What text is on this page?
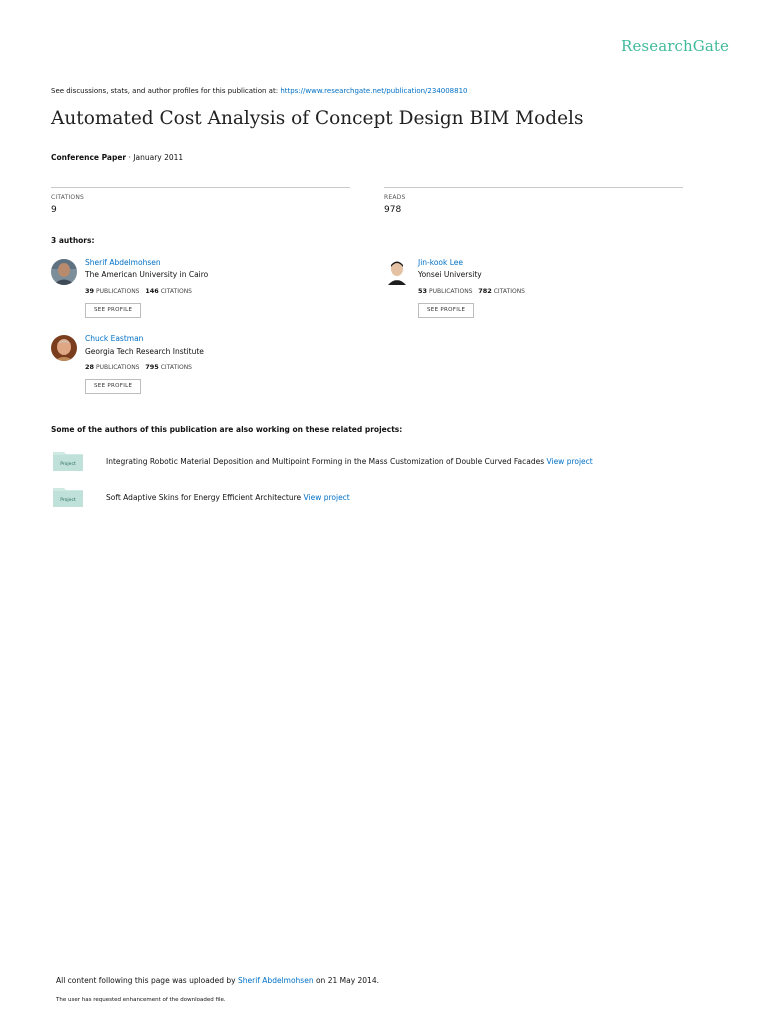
ResearchGate
See discussions, stats, and author profiles for this publication at: https://www.researchgate.net/publication/234008810
Automated Cost Analysis of Concept Design BIM Models
Conference Paper · January 2011
CITATIONS
9
READS
978
3 authors:
Sherif Abdelmohsen
The American University in Cairo
39 PUBLICATIONS 146 CITATIONS
SEE PROFILE
Jin-kook Lee
Yonsei University
53 PUBLICATIONS 782 CITATIONS
SEE PROFILE
Chuck Eastman
Georgia Tech Research Institute
28 PUBLICATIONS 795 CITATIONS
SEE PROFILE
Some of the authors of this publication are also working on these related projects:
Project	Integrating Robotic Material Deposition and Multipoint Forming in the Mass Customization of Double Curved Facades View project
Project	Soft Adaptive Skins for Energy Efficient Architecture View project
All content following this page was uploaded by Sherif Abdelmohsen on 21 May 2014.
The user has requested enhancement of the downloaded file.
